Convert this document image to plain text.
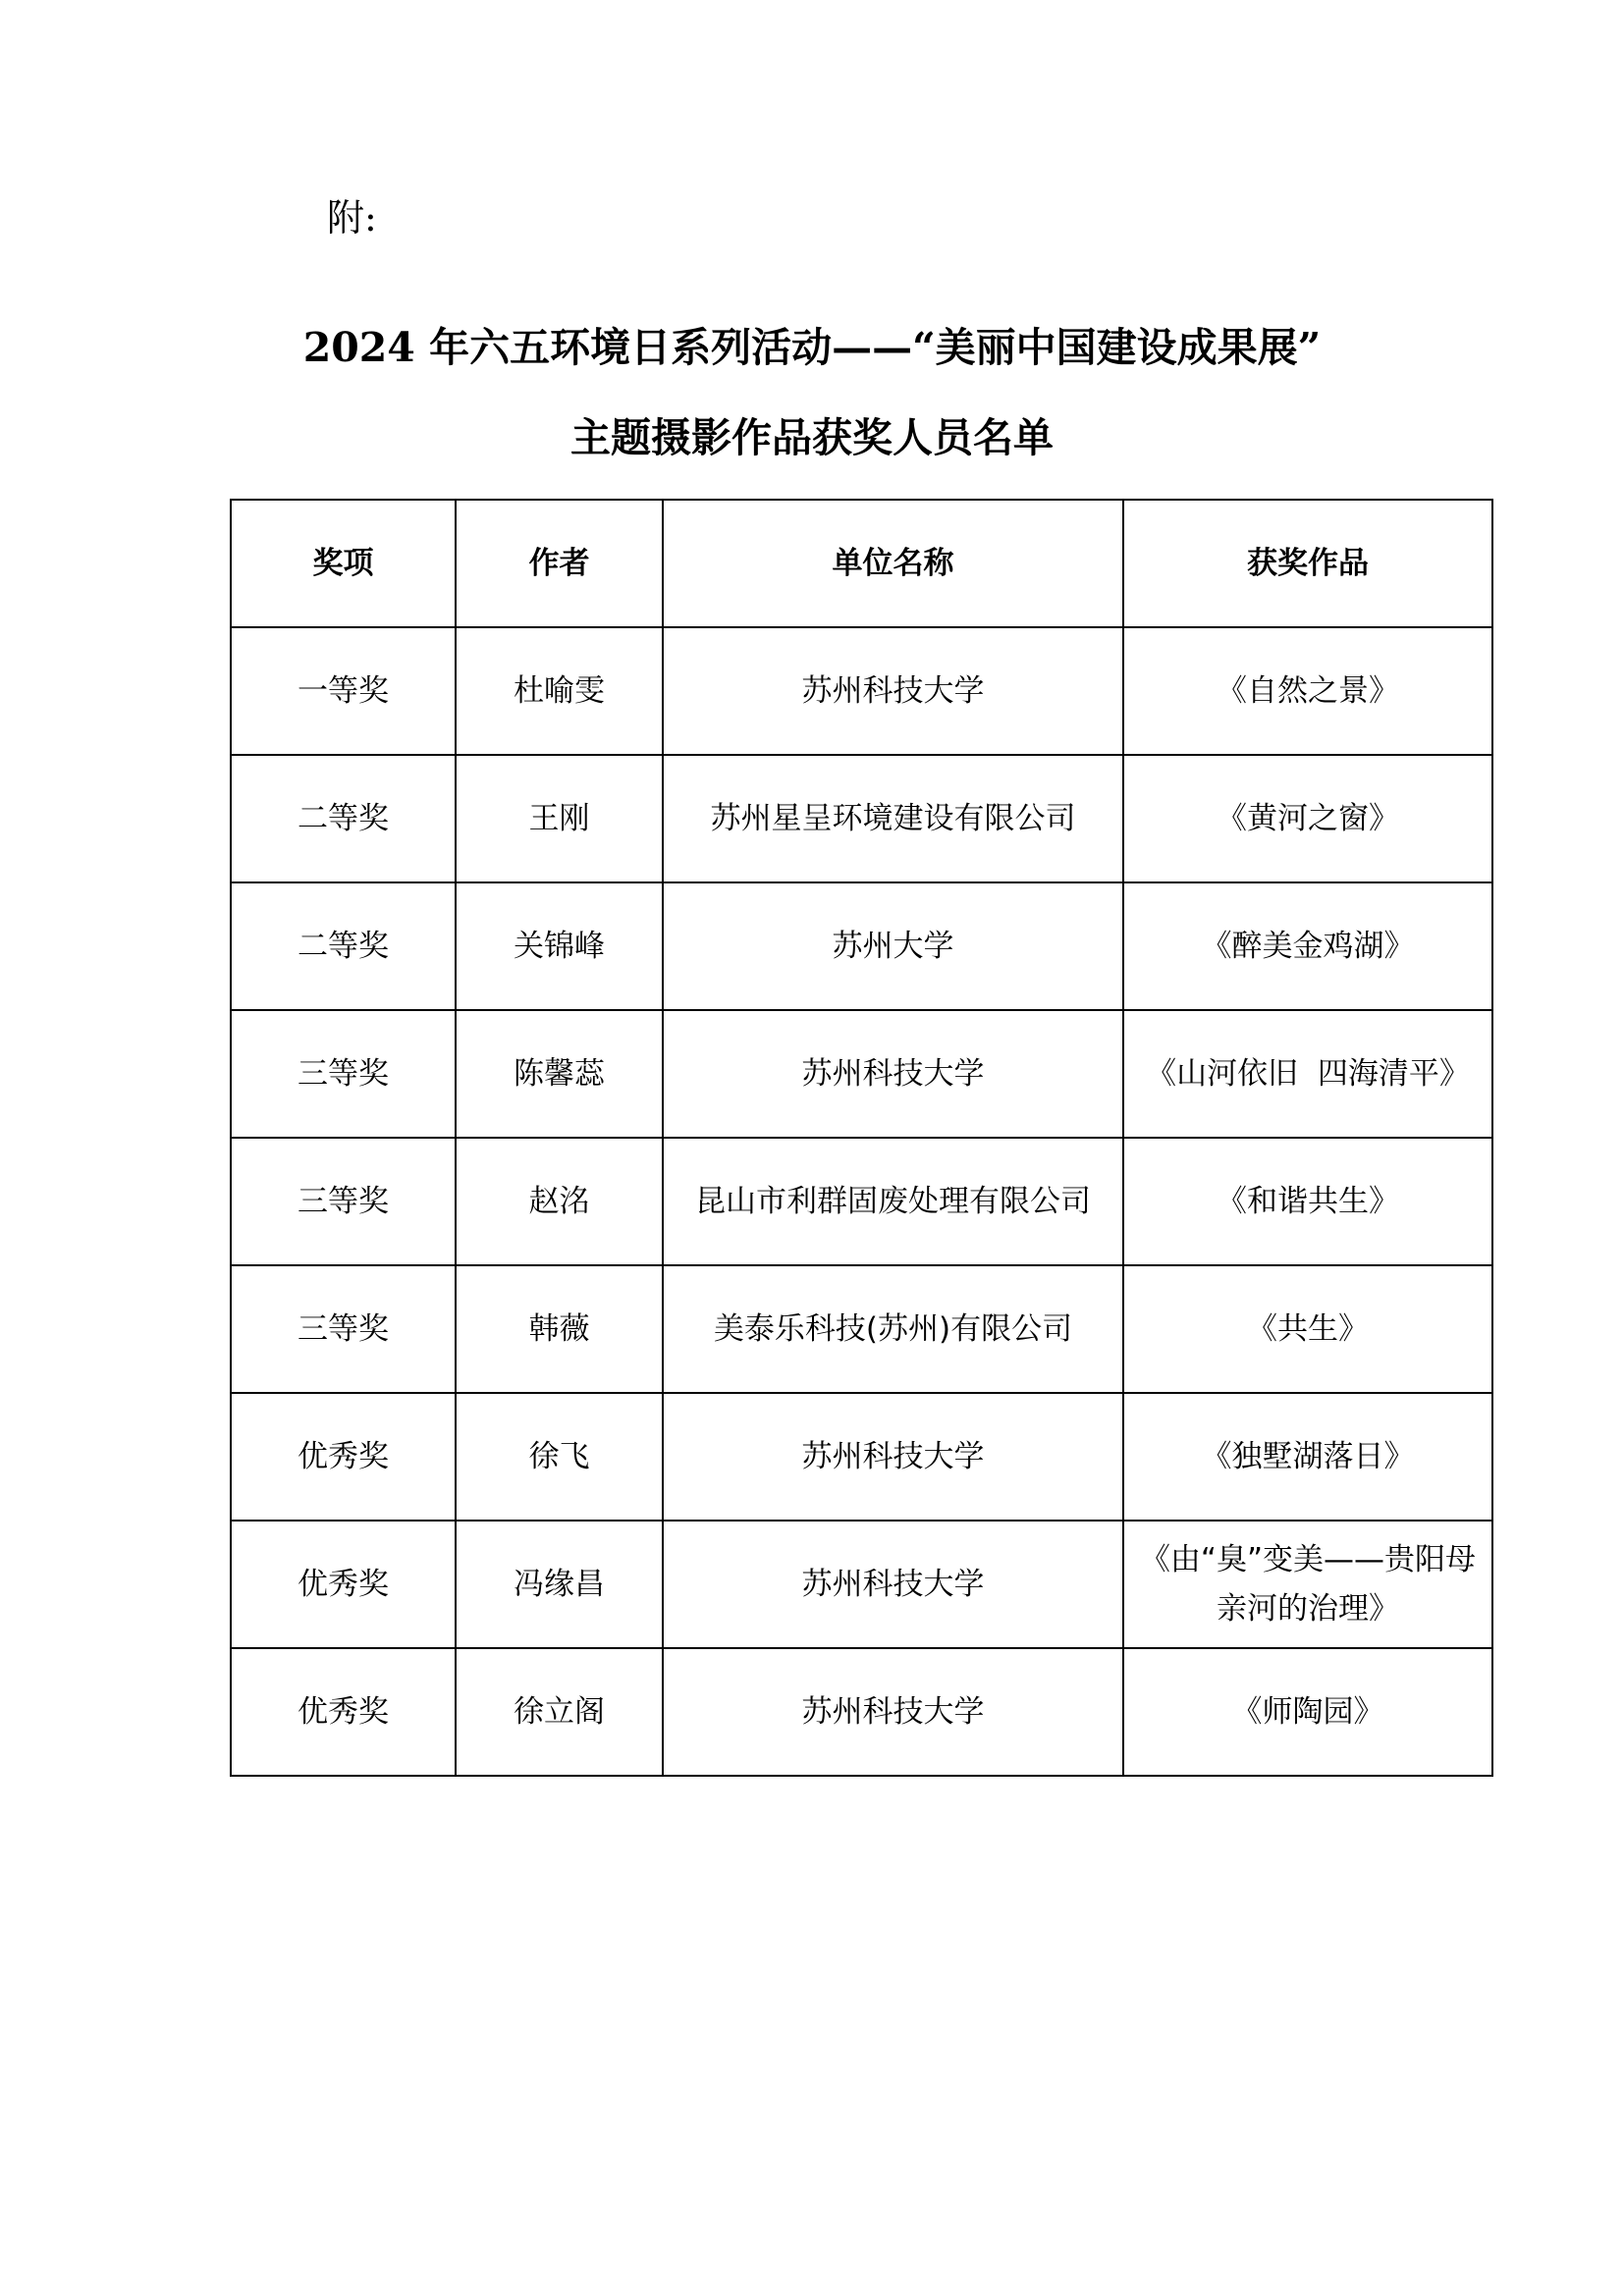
附:
2024 年六五环境日系列活动——“美丽中国建设成果展”
主题摄影作品获奖人员名单
奖项	作者	单位名称	获奖作品
一等奖	杜喻雯	苏州科技大学	《自然之景》
二等奖	王刚	苏州星呈环境建设有限公司	《黄河之窗》
二等奖	关锦峰	苏州大学	《醉美金鸡湖》
三等奖	陈馨蕊	苏州科技大学	《山河依旧  四海清平》
三等奖	赵洺	昆山市利群固废处理有限公司	《和谐共生》
三等奖	韩薇	美泰乐科技(苏州)有限公司	《共生》
优秀奖	徐飞	苏州科技大学	《独墅湖落日》
优秀奖	冯缘昌	苏州科技大学	《由“臭”变美——贵阳母亲河的治理》
优秀奖	徐立阁	苏州科技大学	《师陶园》
